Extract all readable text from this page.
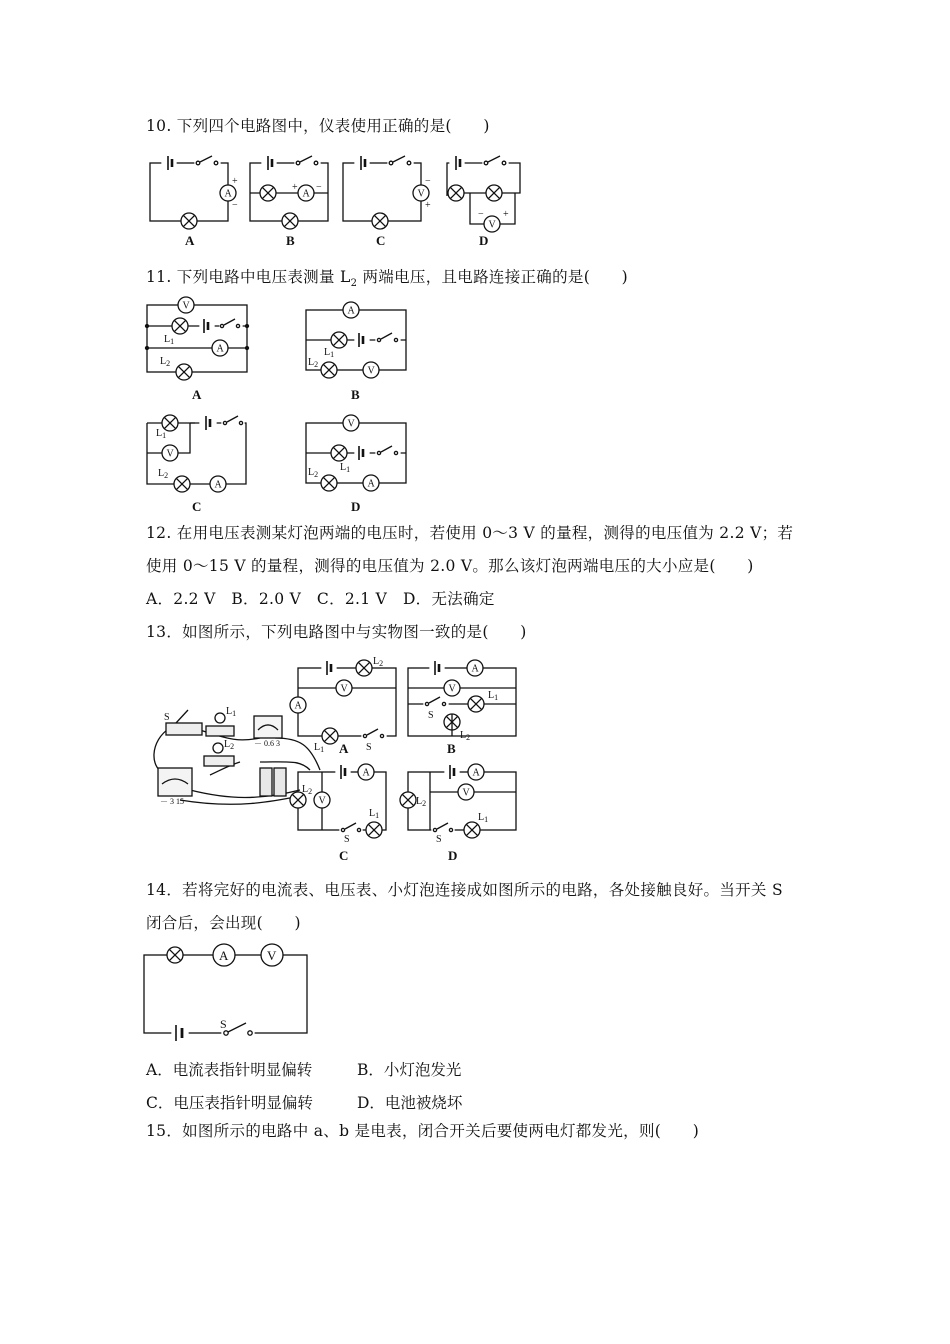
10. 下列四个电路图中，仪表使用正确的是(　　)
A
+
−
A
A
+ −
B
V
−
+
C
V
− +
D
11. 下列电路中电压表测量 $L_2$ 两端电压，且电路连接正确的是(　　)
V
A
$L_1$
$L_2$
A
A
V
$L_1$
$L_2$
B
V
A
$L_1$
$L_2$
C
V
A
$L_1$
$L_2$
D
12. 在用电压表测某灯泡两端的电压时，若使用 0～3 V 的量程，测得的电压值为 2.2 V；若
使用 0～15 V 的量程，测得的电压值为 2.0 V。那么该灯泡两端电压的大小应是(　　)
A．2.2 V　B．2.0 V　C．2.1 V　D．无法确定
13．如图所示，下列电路图中与实物图一致的是(　　)
S
$L_1$
－ 0.6 3
$L_2$
－ 3 15
$L_2$
V
A
$L_1$	S
A
A
V
$L_1$
S
$L_2$
B
A
$L_2$
V
$L_1$
S
C
A
V
$L_2$
$L_1$
S
D
14．若将完好的电流表、电压表、小灯泡连接成如图所示的电路，各处接触良好。当开关 S
闭合后，会出现(　　)
A	V
S
A．电流表指针明显偏转	B．小灯泡发光
C．电压表指针明显偏转	D．电池被烧坏
15．如图所示的电路中 a、b 是电表，闭合开关后要使两电灯都发光，则(　　)
